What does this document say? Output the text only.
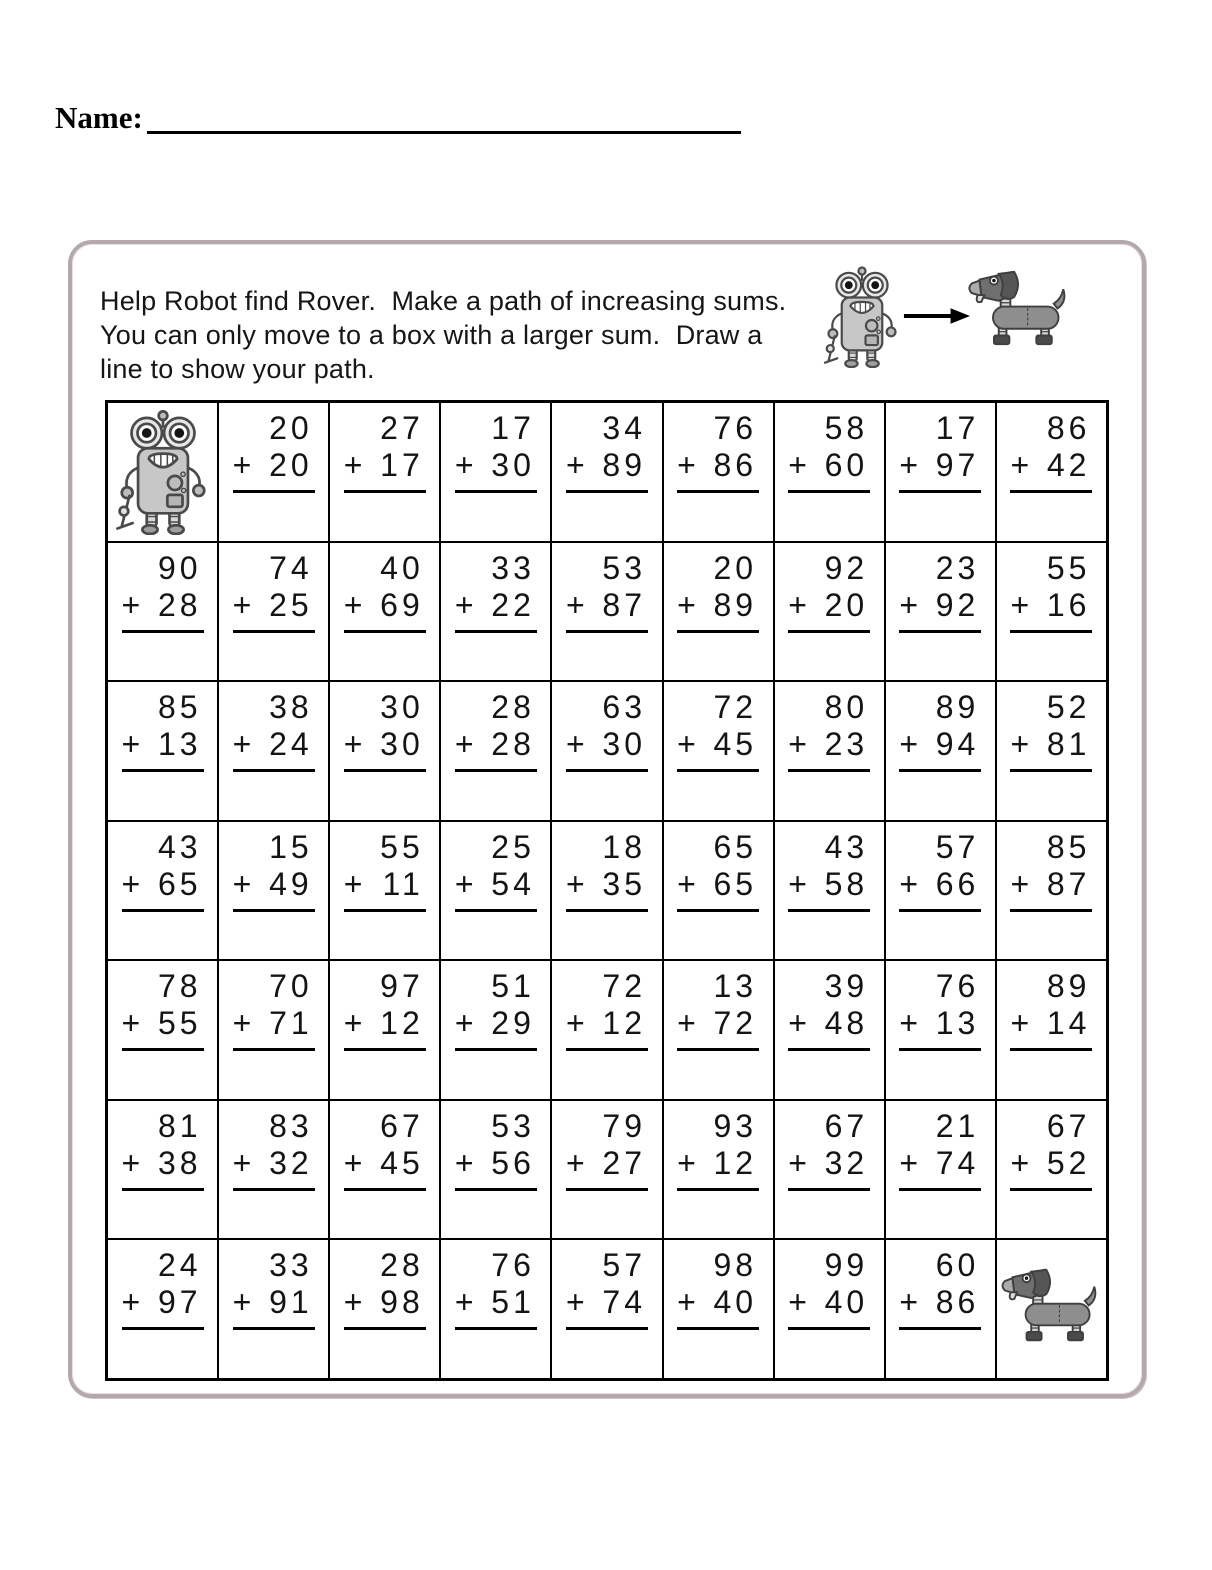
Name:
Help Robot find Rover.  Make a path of increasing sums.
You can only move to a box with a larger sum.  Draw a
line to show your path.
20
+ 20
27
+ 17
17
+ 30
34
+ 89
76
+ 86
58
+ 60
17
+ 97
86
+ 42
90
+ 28
74
+ 25
40
+ 69
33
+ 22
53
+ 87
20
+ 89
92
+ 20
23
+ 92
55
+ 16
85
+ 13
38
+ 24
30
+ 30
28
+ 28
63
+ 30
72
+ 45
80
+ 23
89
+ 94
52
+ 81
43
+ 65
15
+ 49
55
+ 11
25
+ 54
18
+ 35
65
+ 65
43
+ 58
57
+ 66
85
+ 87
78
+ 55
70
+ 71
97
+ 12
51
+ 29
72
+ 12
13
+ 72
39
+ 48
76
+ 13
89
+ 14
81
+ 38
83
+ 32
67
+ 45
53
+ 56
79
+ 27
93
+ 12
67
+ 32
21
+ 74
67
+ 52
24
+ 97
33
+ 91
28
+ 98
76
+ 51
57
+ 74
98
+ 40
99
+ 40
60
+ 86
